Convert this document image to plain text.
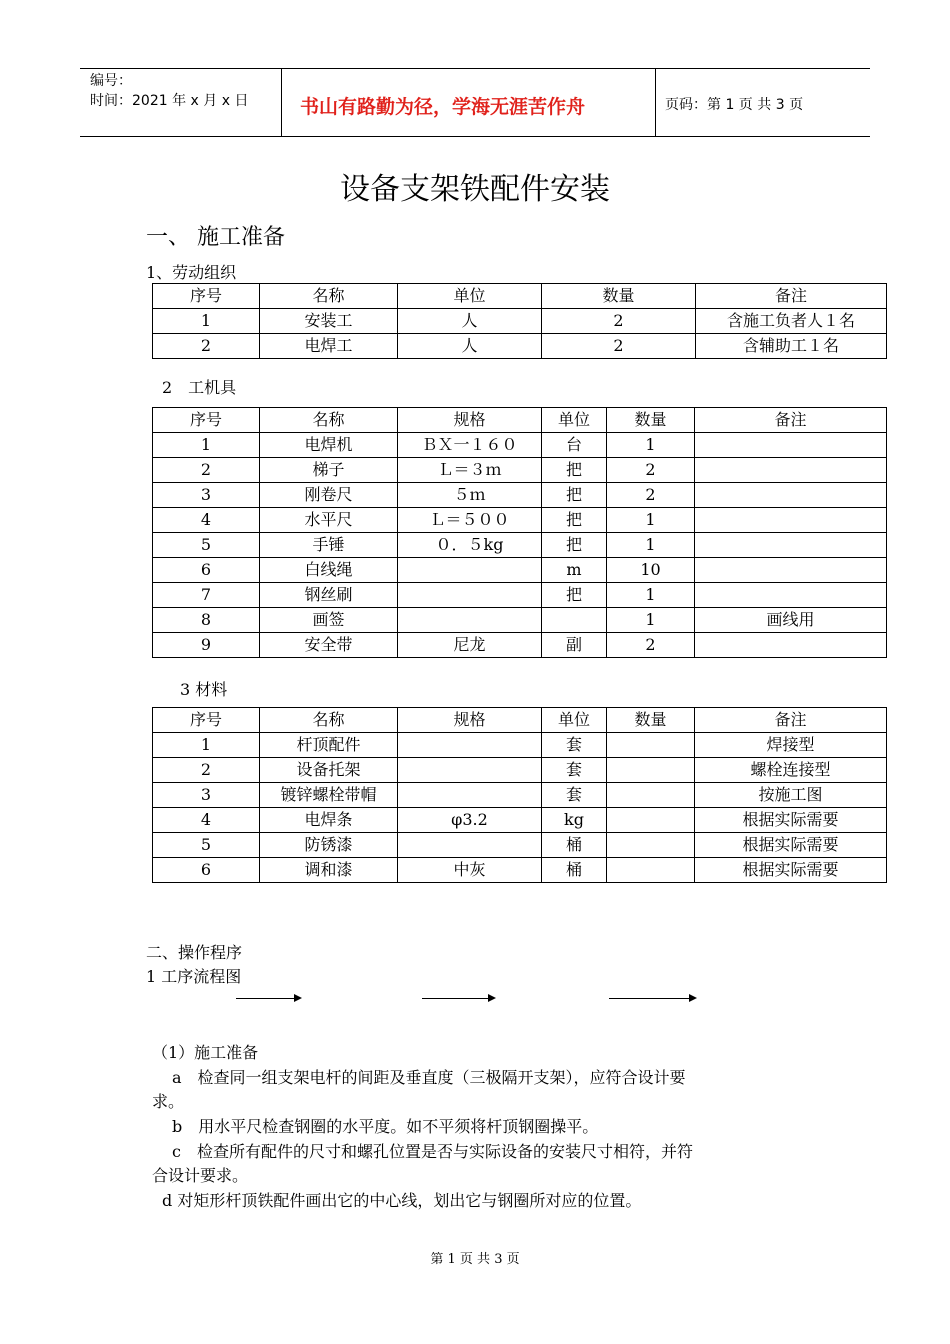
编号：
时间：2021 年 x 月 x 日	书山有路勤为径，学海无涯苦作舟	页码：第 1 页 共 3 页
设备支架铁配件安装
一、 施工准备
1、劳动组织
序号	名称	单位	数量	备注
1	安装工	人	2	含施工负者人１名
2	电焊工	人	2	含辅助工１名
2　工机具
序号	名称	规格	单位	数量	备注
1	电焊机	ＢＸ一１６０	台	1	
2	梯子	Ｌ＝３ｍ	把	2	
3	刚卷尺	５ｍ	把	2	
4	水平尺	Ｌ＝５００	把	1	
5	手锤	０．５kg	把	1	
6	白线绳		m	10	
7	钢丝刷		把	1	
8	画签			1	画线用
9	安全带	尼龙	副	2	
3 材料
序号	名称	规格	单位	数量	备注
1	杆顶配件		套		焊接型
2	设备托架		套		螺栓连接型
3	镀锌螺栓带帽		套		按施工图
4	电焊条	φ3.2	kg		根据实际需要
5	防锈漆		桶		根据实际需要
6	调和漆	中灰	桶		根据实际需要
二、操作程序
1 工序流程图
（1）施工准备
a　检查同一组支架电杆的间距及垂直度（三极隔开支架），应符合设计要
求。
b　用水平尺检查钢圈的水平度。如不平须将杆顶钢圈操平。
c　检查所有配件的尺寸和螺孔位置是否与实际设备的安装尺寸相符，并符
合设计要求。
d 对矩形杆顶铁配件画出它的中心线，划出它与钢圈所对应的位置。
第 1 页 共 3 页
